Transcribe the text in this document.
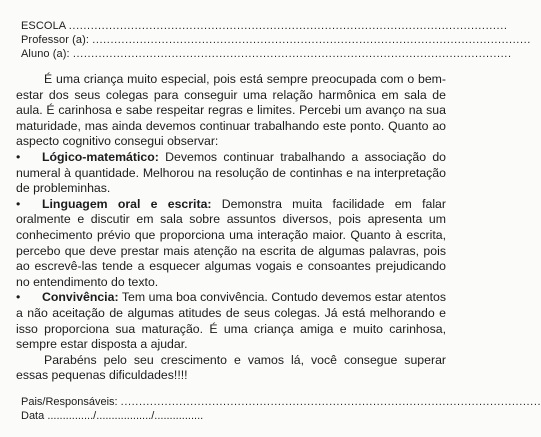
ESCOLA ........................................................................................................................
Professor (a): ........................................................................................................................
Aluno (a): ........................................................................................................................

É uma criança muito especial, pois está sempre preocupada com o bem-estar dos seus colegas para conseguir uma relação harmônica em sala de aula. É carinhosa e sabe respeitar regras e limites. Percebi um avanço na sua maturidade, mas ainda devemos continuar trabalhando este ponto. Quanto ao aspecto cognitivo consegui observar:

• Lógico-matemático: Devemos continuar trabalhando a associação do numeral à quantidade. Melhorou na resolução de continhas e na interpretação de probleminhas.

• Linguagem oral e escrita: Demonstra muita facilidade em falar oralmente e discutir em sala sobre assuntos diversos, pois apresenta um conhecimento prévio que proporciona uma interação maior. Quanto à escrita, percebo que deve prestar mais atenção na escrita de algumas palavras, pois ao escrevê-las tende a esquecer algumas vogais e consoantes prejudicando no entendimento do texto.

• Convivência: Tem uma boa convivência. Contudo devemos estar atentos a não aceitação de algumas atitudes de seus colegas. Já está melhorando e isso proporciona sua maturação. É uma criança amiga e muito carinhosa, sempre estar disposta a ajudar.

Parabéns pelo seu crescimento e vamos lá, você consegue superar essas pequenas dificuldades!!!!

Pais/Responsáveis: ...................................................................................................................
Data .............../................../................
